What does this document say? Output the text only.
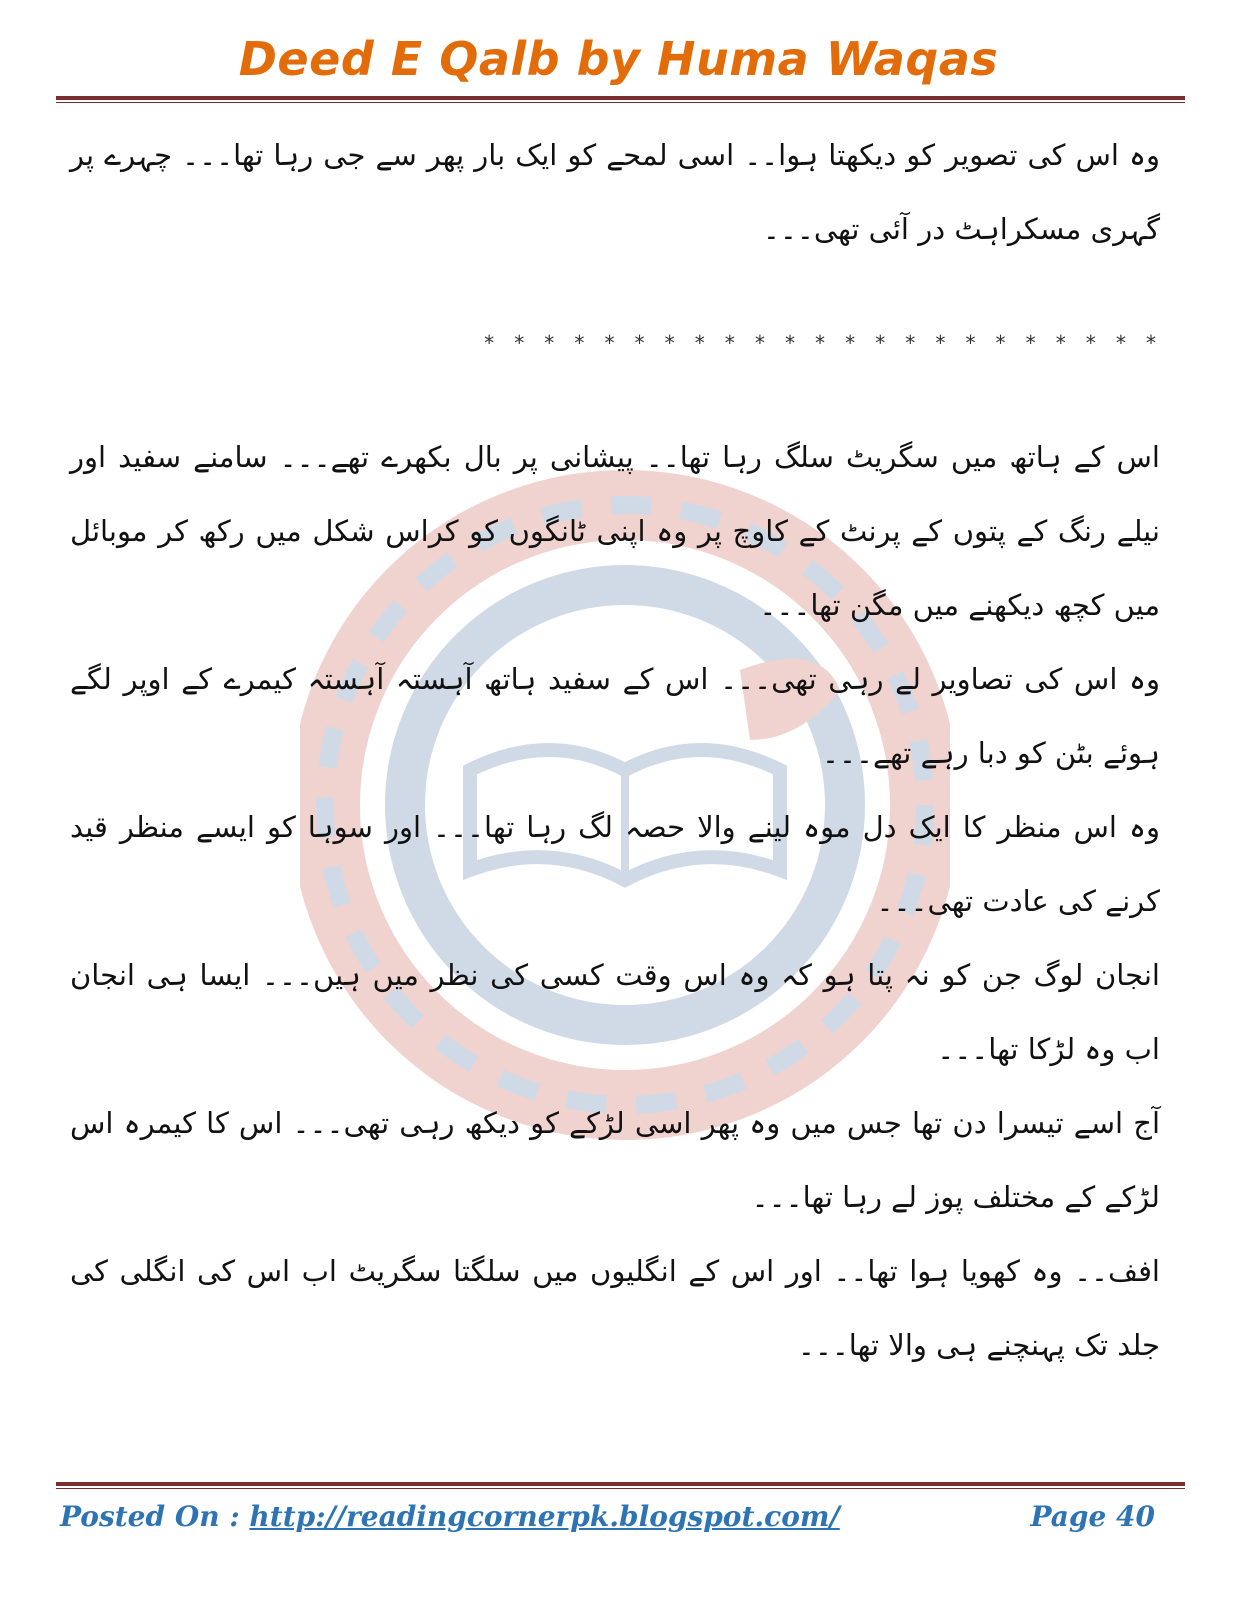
Deed E Qalb by Huma Waqas

وہ اس کی تصویر کو دیکھتا ہوا۔۔ اسی لمحے کو ایک بار پھر سے جی رہا تھا۔۔۔ چہرے پر گہری مسکراہٹ در آئی تھی۔۔۔

* * * * * * * * * * * * * * * * * * * * * * *

اس کے ہاتھ میں سگریٹ سلگ رہا تھا۔۔ پیشانی پر بال بکھرے تھے۔۔۔ سامنے سفید اور نیلے رنگ کے پتوں کے پرنٹ کے کاوچ پر وہ اپنی ٹانگوں کو کراس شکل میں رکھ کر موبائل میں کچھ دیکھنے میں مگن تھا۔۔۔

وہ اس کی تصاویر لے رہی تھی۔۔۔ اس کے سفید ہاتھ آہستہ آہستہ کیمرے کے اوپر لگے ہوئے بٹن کو دبا رہے تھے۔۔۔

وہ اس منظر کا ایک دل موہ لینے والا حصہ لگ رہا تھا۔۔۔ اور سوہا کو ایسے منظر قید کرنے کی عادت تھی۔۔۔

انجان لوگ جن کو نہ پتا ہو کہ وہ اس وقت کسی کی نظر میں ہیں۔۔۔ ایسا ہی انجان اب وہ لڑکا تھا۔۔۔

آج اسے تیسرا دن تھا جس میں وہ پھر اسی لڑکے کو دیکھ رہی تھی۔۔۔ اس کا کیمرہ اس لڑکے کے مختلف پوز لے رہا تھا۔۔۔

افف۔۔ وہ کھویا ہوا تھا۔۔ اور اس کے انگلیوں میں سلگتا سگریٹ اب اس کی انگلی کی جلد تک پہنچنے ہی والا تھا۔۔۔

Posted On : http://readingcornerpk.blogspot.com/	Page 40
